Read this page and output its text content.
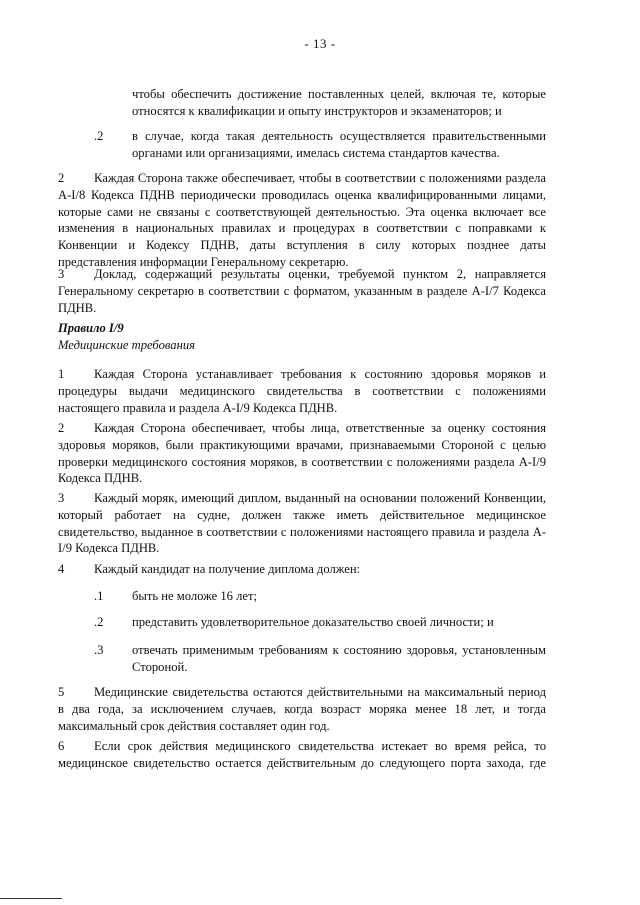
- 13 -

чтобы обеспечить достижение поставленных целей, включая те, которые относятся к квалификации и опыту инструкторов и экзаменаторов; и

.2 в случае, когда такая деятельность осуществляется правительственными органами или организациями, имелась система стандартов качества.

2 Каждая Сторона также обеспечивает, чтобы в соответствии с положениями раздела A-I/8 Кодекса ПДНВ периодически проводилась оценка квалифицированными лицами, которые сами не связаны с соответствующей деятельностью. Эта оценка включает все изменения в национальных правилах и процедурах в соответствии с поправками к Конвенции и Кодексу ПДНВ, даты вступления в силу которых позднее даты представления информации Генеральному секретарю.

3 Доклад, содержащий результаты оценки, требуемой пунктом 2, направляется Генеральному секретарю в соответствии с форматом, указанным в разделе A-I/7 Кодекса ПДНВ.

Правило I/9
Медицинские требования

1 Каждая Сторона устанавливает требования к состоянию здоровья моряков и процедуры выдачи медицинского свидетельства в соответствии с положениями настоящего правила и раздела A-I/9 Кодекса ПДНВ.

2 Каждая Сторона обеспечивает, чтобы лица, ответственные за оценку состояния здоровья моряков, были практикующими врачами, признаваемыми Стороной с целью проверки медицинского состояния моряков, в соответствии с положениями раздела A-I/9 Кодекса ПДНВ.

3 Каждый моряк, имеющий диплом, выданный на основании положений Конвенции, который работает на судне, должен также иметь действительное медицинское свидетельство, выданное в соответствии с положениями настоящего правила и раздела A-I/9 Кодекса ПДНВ.

4 Каждый кандидат на получение диплома должен:

.1 быть не моложе 16 лет;

.2 представить удовлетворительное доказательство своей личности; и

.3 отвечать применимым требованиям к состоянию здоровья, установленным Стороной.

5 Медицинские свидетельства остаются действительными на максимальный период в два года, за исключением случаев, когда возраст моряка менее 18 лет, и тогда максимальный срок действия составляет один год.

6 Если срок действия медицинского свидетельства истекает во время рейса, то медицинское свидетельство остается действительным до следующего порта захода, где
